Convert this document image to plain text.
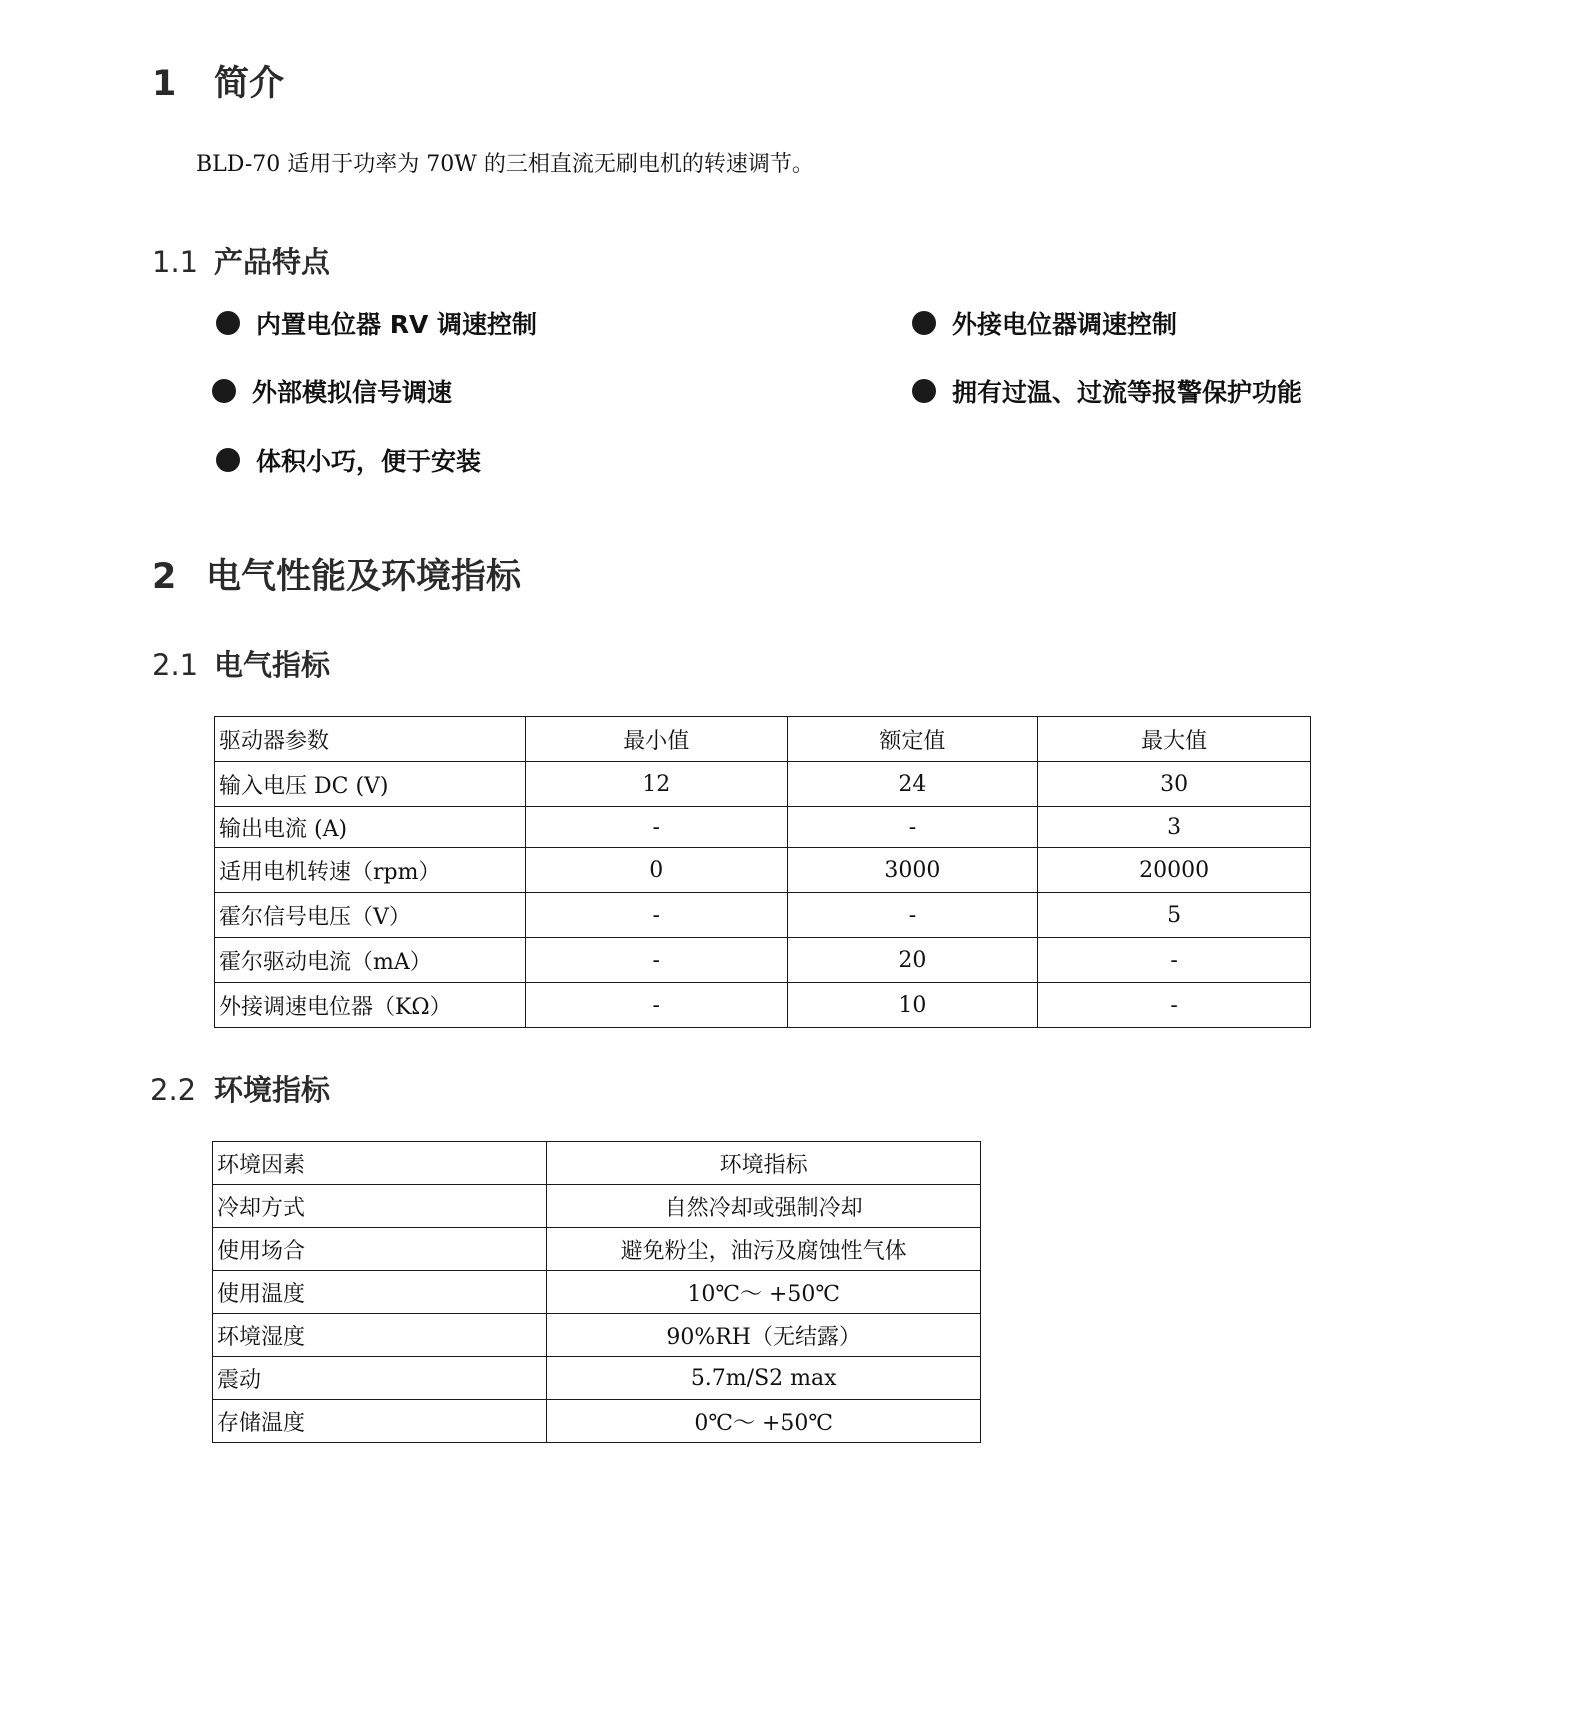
1 简介
BLD-70 适用于功率为 70W 的三相直流无刷电机的转速调节。
1.1 产品特点
内置电位器 RV 调速控制	外接电位器调速控制
外部模拟信号调速	拥有过温、过流等报警保护功能
体积小巧，便于安装
2 电气性能及环境指标
2.1 电气指标
驱动器参数	最小值	额定值	最大值
输入电压 DC (V)	12	24	30
输出电流 (A)	-	-	3
适用电机转速（rpm）	0	3000	20000
霍尔信号电压（V）	-	-	5
霍尔驱动电流（mA）	-	20	-
外接调速电位器（KΩ）	-	10	-
2.2 环境指标
环境因素	环境指标
冷却方式	自然冷却或强制冷却
使用场合	避免粉尘，油污及腐蚀性气体
使用温度	10℃～ +50℃
环境湿度	90%RH（无结露）
震动	5.7m/S2 max
存储温度	0℃～ +50℃
